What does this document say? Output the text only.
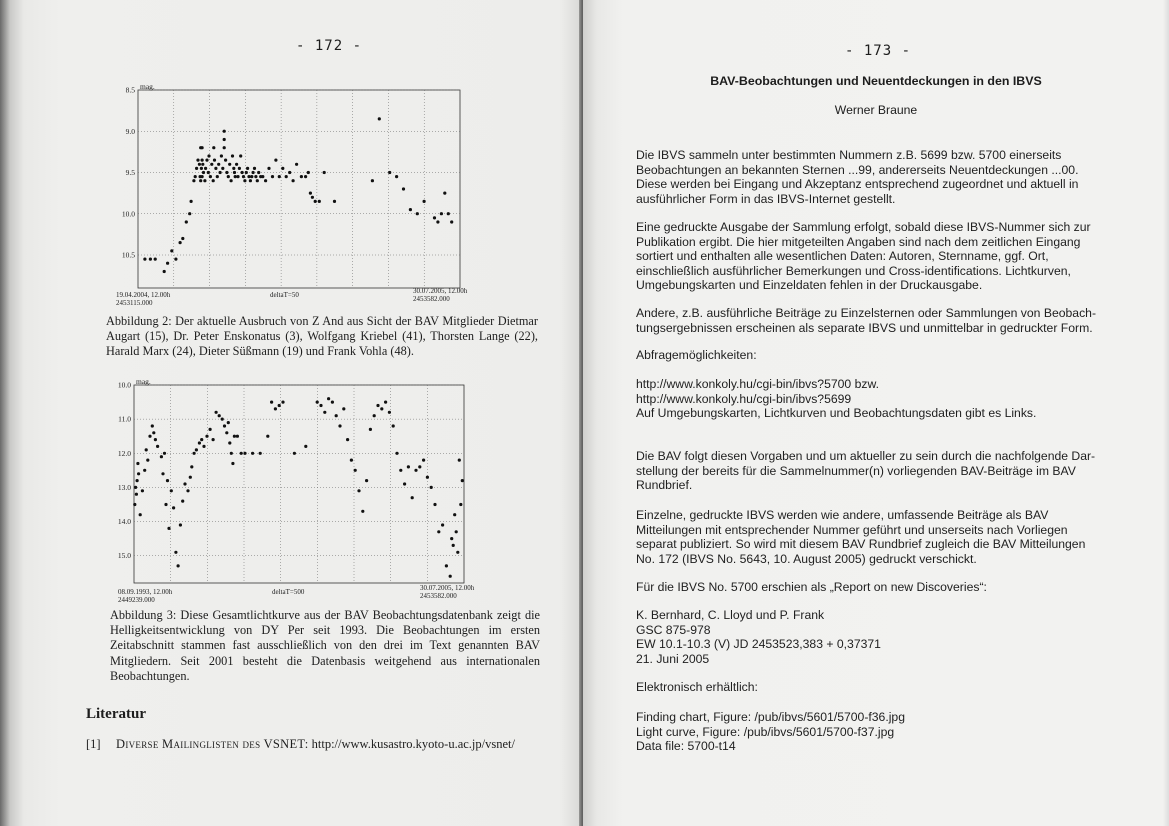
- 172 -
8.5
9.0
9.5
10.0
10.5
mag.
19.04.2004, 12.00h
2453115.000
deltaT=50	30.07.2005, 12.00h
2453582.000
Abbildung 2: Der aktuelle Ausbruch von Z And aus Sicht der BAV Mitglieder Dietmar Augart (15), Dr. Peter Enskonatus (3), Wolfgang Kriebel (41), Thorsten Lange (22), Harald Marx (24), Dieter Süßmann (19) und Frank Vohla (48).
10.0
11.0
12.0
13.0
14.0
15.0
mag.
08.09.1993, 12.00h
2449239.000
deltaT=500	30.07.2005, 12.00h
2453582.000
Abbildung 3: Diese Gesamtlichtkurve aus der BAV Beobachtungsdatenbank zeigt die Helligkeitsentwicklung von DY Per seit 1993. Die Beobachtungen im ersten Zeitabschnitt stammen fast ausschließlich von den drei im Text genannten BAV Mitgliedern. Seit 2001 besteht die Datenbasis weitgehend aus internationalen Beobachtungen.
Literatur
[1] Diverse Mailinglisten des VSNET: http://www.kusastro.kyoto-u.ac.jp/vsnet/
- 173 -
BAV-Beobachtungen und Neuentdeckungen in den IBVS
Werner Braune
Die IBVS sammeln unter bestimmten Nummern z.B. 5699 bzw. 5700 einerseits
Beobachtungen an bekannten Sternen ...99, andererseits Neuentdeckungen ...00.
Diese werden bei Eingang und Akzeptanz entsprechend zugeordnet und aktuell in
ausführlicher Form in das IBVS-Internet gestellt.
Eine gedruckte Ausgabe der Sammlung erfolgt, sobald diese IBVS-Nummer sich zur
Publikation ergibt. Die hier mitgeteilten Angaben sind nach dem zeitlichen Eingang
sortiert und enthalten alle wesentlichen Daten: Autoren, Sternname, ggf. Ort,
einschließlich ausführlicher Bemerkungen und Cross-identifications. Lichtkurven,
Umgebungskarten und Einzeldaten fehlen in der Druckausgabe.
Andere, z.B. ausführliche Beiträge zu Einzelsternen oder Sammlungen von Beobach-
tungsergebnissen erscheinen als separate IBVS und unmittelbar in gedruckter Form.
Abfragemöglichkeiten:
http://www.konkoly.hu/cgi-bin/ibvs?5700 bzw.
http://www.konkoly.hu/cgi-bin/ibvs?5699
Auf Umgebungskarten, Lichtkurven und Beobachtungsdaten gibt es Links.
Die BAV folgt diesen Vorgaben und um aktueller zu sein durch die nachfolgende Dar-
stellung der bereits für die Sammelnummer(n) vorliegenden BAV-Beiträge im BAV
Rundbrief.
Einzelne, gedruckte IBVS werden wie andere, umfassende Beiträge als BAV
Mitteilungen mit entsprechender Nummer geführt und unserseits nach Vorliegen
separat publiziert. So wird mit diesem BAV Rundbrief zugleich die BAV Mitteilungen
No. 172 (IBVS No. 5643, 10. August 2005) gedruckt verschickt.
Für die IBVS No. 5700 erschien als „Report on new Discoveries“:
K. Bernhard, C. Lloyd und P. Frank
GSC 875-978
EW 10.1-10.3 (V) JD 2453523,383 + 0,37371
21. Juni 2005
Elektronisch erhältlich:
Finding chart, Figure: /pub/ibvs/5601/5700-f36.jpg
Light curve, Figure: /pub/ibvs/5601/5700-f37.jpg
Data file: 5700-t14
